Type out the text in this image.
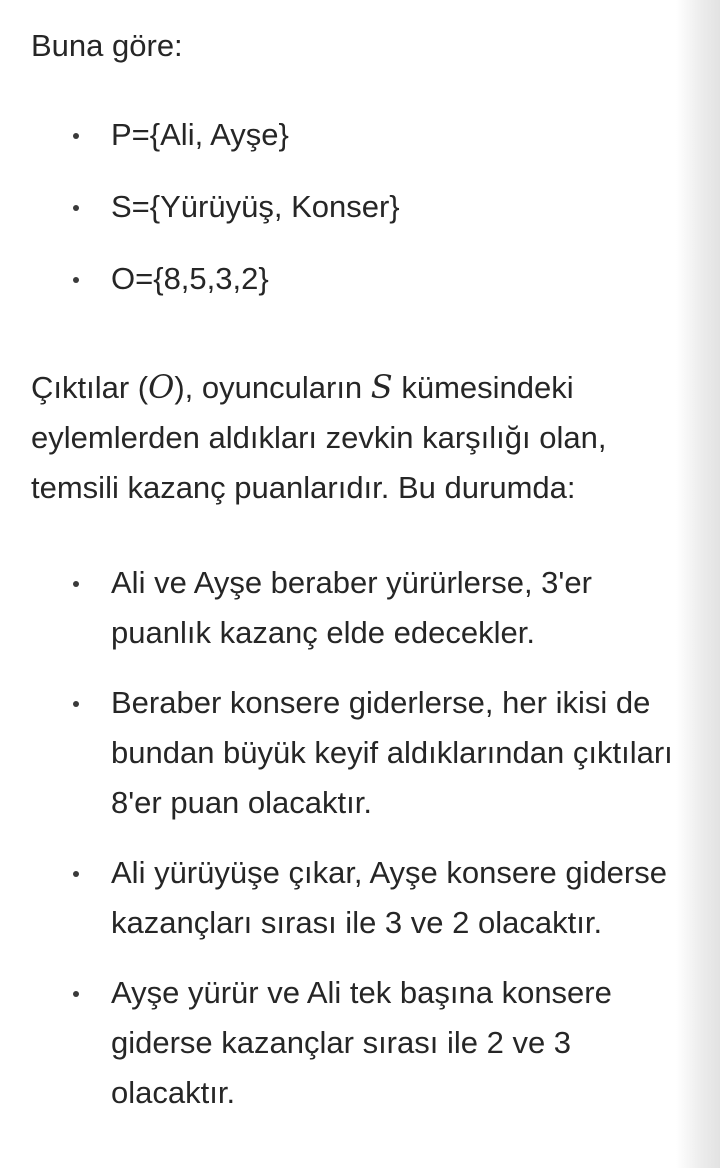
Buna göre:

P={Ali, Ayşe}
S={Yürüyüş, Konser}
O={8,5,3,2}

Çıktılar (O), oyuncuların S kümesindeki eylemlerden aldıkları zevkin karşılığı olan, temsili kazanç puanlarıdır. Bu durumda:

Ali ve Ayşe beraber yürürlerse, 3'er puanlık kazanç elde edecekler.
Beraber konsere giderlerse, her ikisi de bundan büyük keyif aldıklarından çıktıları 8'er puan olacaktır.
Ali yürüyüşe çıkar, Ayşe konsere giderse kazançları sırası ile 3 ve 2 olacaktır.
Ayşe yürür ve Ali tek başına konsere giderse kazançlar sırası ile 2 ve 3 olacaktır.
